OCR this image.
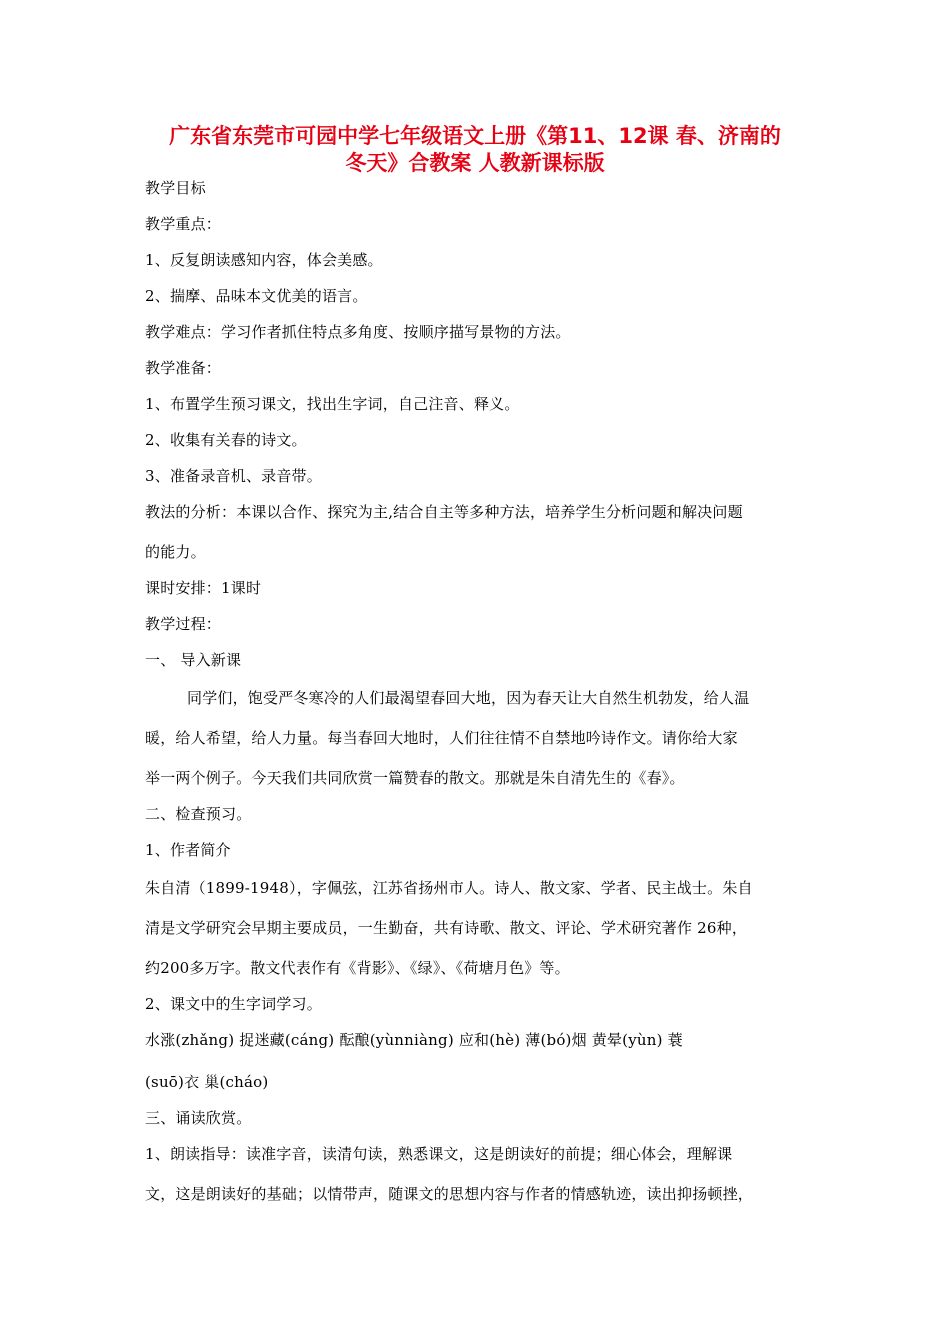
广东省东莞市可园中学七年级语文上册《第11、12课 春、济南的
冬天》合教案 人教新课标版
教学目标
教学重点：
1、反复朗读感知内容，体会美感。
2、揣摩、品味本文优美的语言。
教学难点：学习作者抓住特点多角度、按顺序描写景物的方法。
教学准备：
1、布置学生预习课文，找出生字词，自己注音、释义。
2、收集有关春的诗文。
3、准备录音机、录音带。
教法的分析：本课以合作、探究为主,结合自主等多种方法，培养学生分析问题和解决问题
的能力。
课时安排：1课时
教学过程：
一、 导入新课
同学们，饱受严冬寒冷的人们最渴望春回大地，因为春天让大自然生机勃发，给人温
暖，给人希望，给人力量。每当春回大地时，人们往往情不自禁地吟诗作文。请你给大家
举一两个例子。今天我们共同欣赏一篇赞春的散文。那就是朱自清先生的《春》。
二、检查预习。
1、作者简介
朱自清（1899-1948），字佩弦，江苏省扬州市人。诗人、散文家、学者、民主战士。朱自
清是文学研究会早期主要成员，一生勤奋，共有诗歌、散文、评论、学术研究著作 26种，
约200多万字。散文代表作有《背影》、《绿》、《荷塘月色》等。
2、课文中的生字词学习。
水涨(zhǎng) 捉迷藏(cáng) 酝酿(yùnniàng) 应和(hè) 薄(bó)烟 黄晕(yùn) 蓑
(suō)衣 巢(cháo)
三、诵读欣赏。
1、朗读指导：读准字音，读清句读，熟悉课文，这是朗读好的前提；细心体会，理解课
文，这是朗读好的基础；以情带声，随课文的思想内容与作者的情感轨迹，读出抑扬顿挫，
